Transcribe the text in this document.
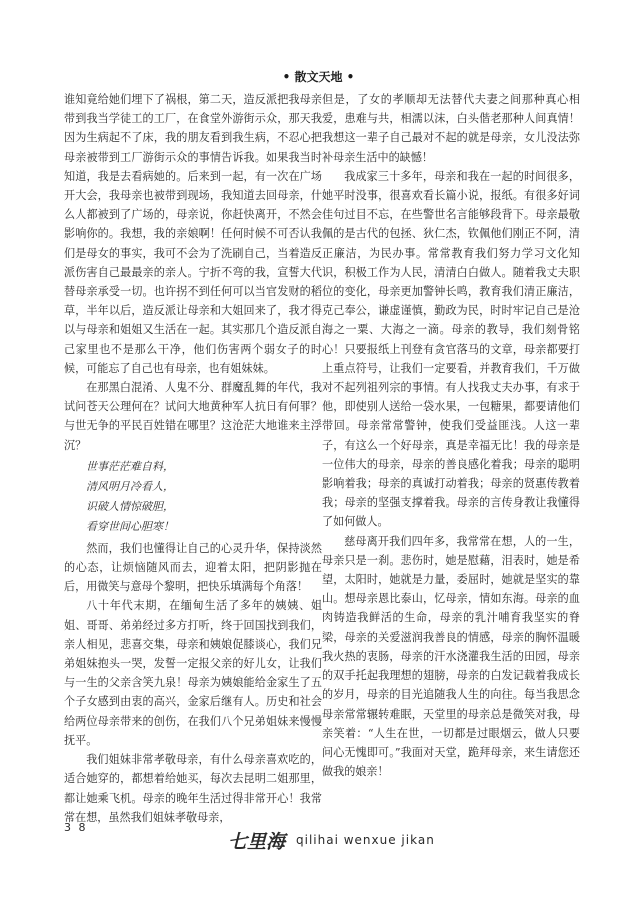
• 散文天地 •

谁知竟给她们埋下了祸根，第二天，造反派把我母亲带到我当学徒工的工厂，在食堂外游街示众，那天我因为生病起不了床，我的朋友看到我生病，不忍心把母亲被带到工厂游街示众的事情告诉我。如果我当时知道，我是去看病她的。后来到一起，有一次在广场开大会，我母亲也被带到现场，我知道去回母亲，什么人都被到了广场的，母亲说，你赶快离开，不然会影响你的。我想，我的亲娘啊！任何时候不可否认我们是母女的事实，我可不会为了洗刷自己，当着造反派伤害自己最最亲的亲人。宁折不弯的我，宣誓大代替母亲承受一切。也许拐不到任何可以当官发财的稻草，半年以后，造反派让母亲和大姐回来了，我才得以与母亲和姐姐又生活在一起。其实那几个造反派自己家里也不是那么干净，他们伤害两个弱女子的时候，可能忘了自己也有母亲，也有姐妹妹。

在那黑白混淆、人鬼不分、群魔乱舞的年代，我试问苍天公理何在？试问大地黄种军人抗日有何罪？与世无争的平民百姓错在哪里？这沧茫大地谁来主浮沉？

世事茫茫难自料，
清风明月冷看人，
识破人情惊破胆，
看穿世间心胆寒！

然而，我们也懂得让自己的心灵升华，保持淡然的心态，让烦恼随风而去，迎着太阳，把阴影抛在后，用微笑与意母个黎明，把快乐填满每个角落！

八十年代末期，在缅甸生活了多年的姨姨、姐姐、哥哥、弟弟经过多方打听，终于回国找到我们，亲人相见，悲喜交集，母亲和姨娘促膝谈心，我们兄弟姐妹抱头一哭，发誓一定报父亲的好儿女，让我们与一生的父亲含笑九泉！母亲为姨娘能给金家生了五个子女感到由衷的高兴，金家后继有人。历史和社会给两位母亲带来的创伤，在我们八个兄弟姐妹来慢慢抚平。

我们姐妹非常孝敬母亲，有什么母亲喜欢吃的，适合她穿的，都想着给她买，每次去昆明二姐那里，都让她乘飞机。母亲的晚年生活过得非常开心！我常常在想，虽然我们姐妹孝敬母亲，

但是，了女的孝顺却无法替代夫妻之间那种真心相爱，患难与共，相濡以沫，白头偕老那种人间真情！我想这一辈子自己最对不起的就是母亲，女儿没法弥补母亲生活中的缺憾！

我成家三十多年，母亲和我在一起的时间很多，她平时没事，很喜欢看长篇小说，报纸。有很多好词佳句过目不忘，在些警世名言能够段背下。母亲最敬佩的是古代的包拯、狄仁杰，钦佩他们刚正不阿，清正廉洁，为民办事。常常教育我们努力学习文化知识，积极工作为人民，清清白白做人。随着我丈夫职位的变化，母亲更加警钟长鸣，教育我们清正廉洁，克己奉公，谦虚谨慎，勤政为民，时时牢记自己是沧海之一粟、大海之一滴。母亲的教导，我们刻骨铭心！只要报纸上刊登有贪官落马的文章，母亲都要打上重点符号，让我们一定要看，并教育我们，千万做对不起列祖列宗的事情。有人找我丈夫办事，有求于他，即使别人送给一袋水果，一包糖果，都要请他们带回。母亲常常警钟，使我们受益匪浅。人这一辈子，有这么一个好母亲，真是幸福无比！我的母亲是一位伟大的母亲，母亲的善良感化着我；母亲的聪明影响着我；母亲的真诚打动着我；母亲的贤惠传教着我；母亲的坚强支撑着我。母亲的言传身教让我懂得了如何做人。

慈母离开我们四年多，我常常在想，人的一生，母亲只是一刹。悲伤时，她是慰藉，泪表时，她是希望，太阳时，她就是力量，委屈时，她就是坚实的靠山。想母亲恩比泰山，忆母亲，情如东海。母亲的血肉铸造我鲜活的生命，母亲的乳汁哺育我坚实的脊梁，母亲的关爱滋润我善良的情感，母亲的胸怀温暖我火热的衷肠，母亲的汗水浇灌我生活的田园，母亲的双手托起我理想的翅膀，母亲的白发记载着我成长的岁月，母亲的目光追随我人生的向往。每当我思念母亲常常辗转难眠，天堂里的母亲总是微笑对我，母亲笑着：“人生在世，一切都是过眼烟云，做人只要问心无愧即可。”我面对天堂，跪拜母亲，来生请您还做我的娘亲！

3 8
七里海 qilihai wenxue jikan
